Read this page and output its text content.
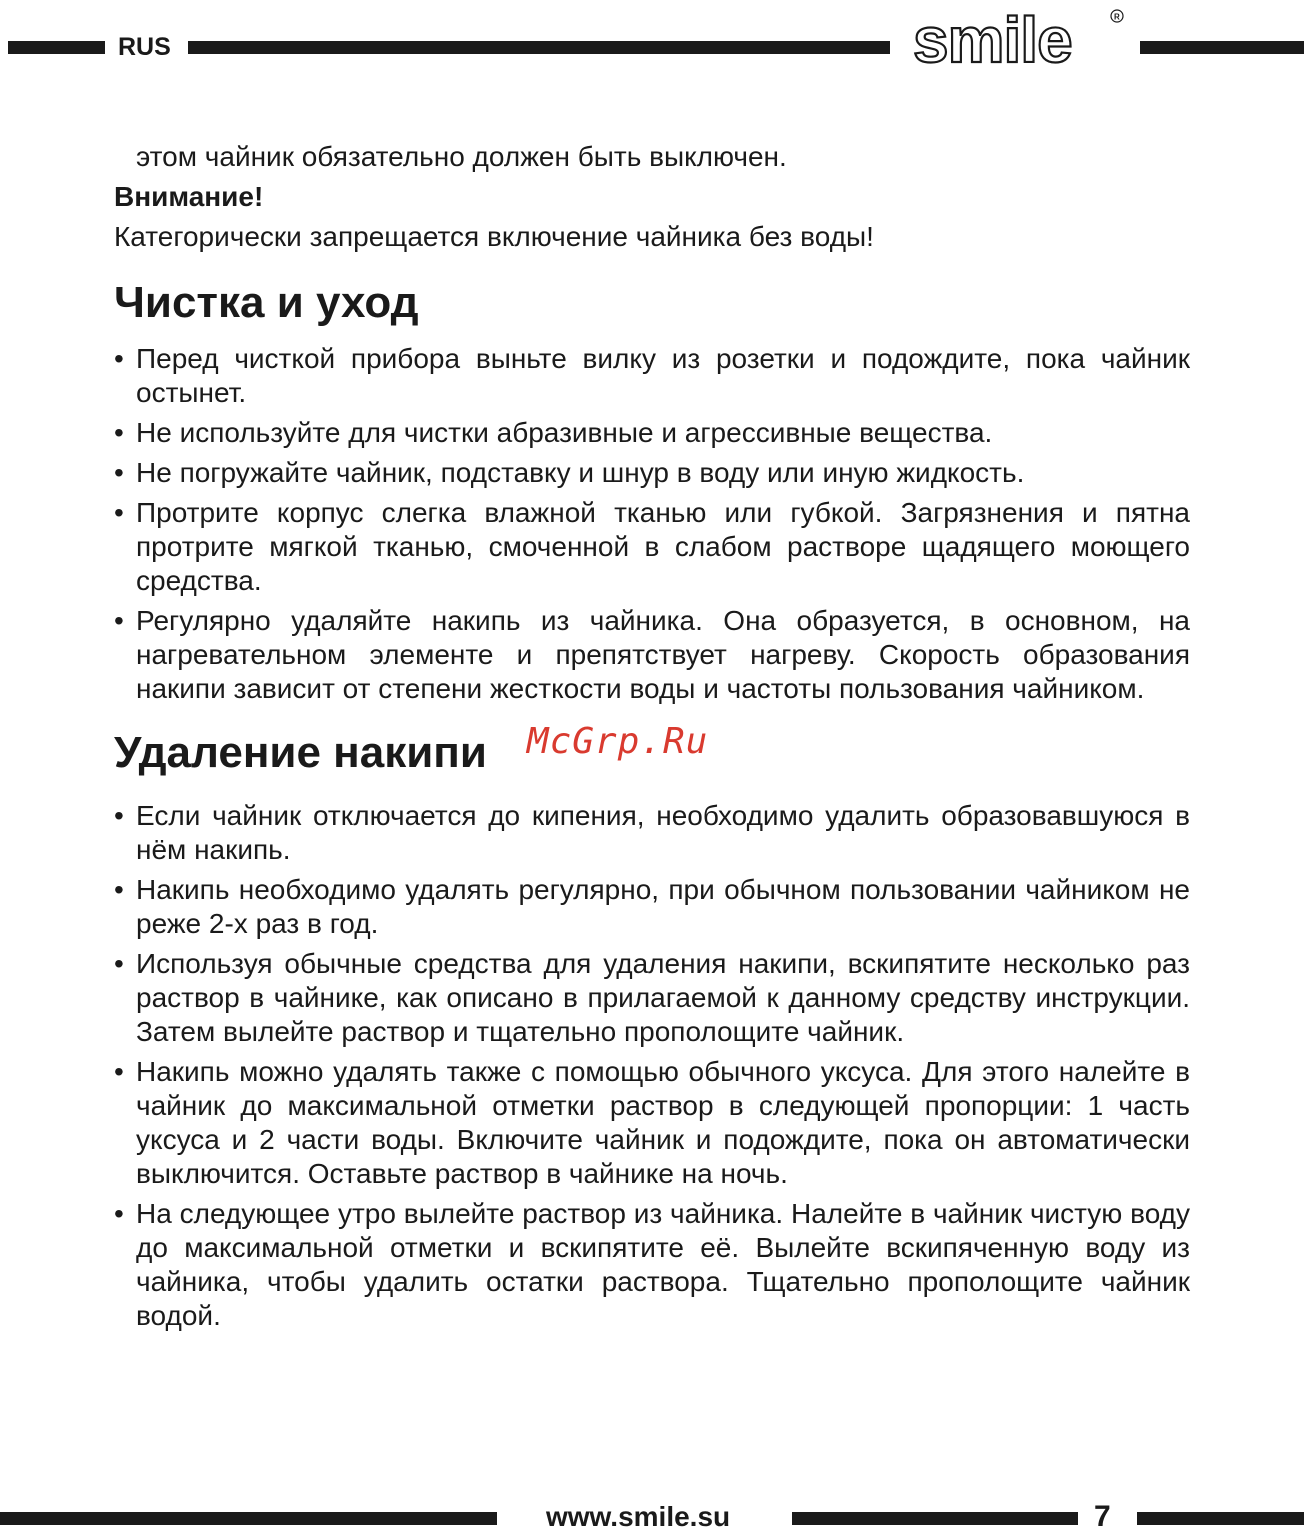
RUS	smile	R

этом чайник обязательно должен быть выключен.

Внимание!

Категорически запрещается включение чайника без воды!

Чистка и уход
• Перед чисткой прибора выньте вилку из розетки и подождите, пока чайник остынет.
• Не используйте для чистки абразивные и агрессивные вещества.
• Не погружайте чайник, подставку и шнур в воду или иную жидкость.
• Протрите корпус слегка влажной тканью или губкой. Загрязнения и пятна протрите мягкой тканью, смоченной в слабом растворе щадящего моющего средства.
• Регулярно удаляйте накипь из чайника. Она образуется, в основном, на нагревательном элементе и препятствует нагреву. Скорость образования накипи зависит от степени жесткости воды и частоты пользования чайником.
Удаление накипи McGrp.Ru
• Если чайник отключается до кипения, необходимо удалить образовавшуюся в нём накипь.
• Накипь необходимо удалять регулярно, при обычном пользовании чайником не реже 2-х раз в год.
• Используя обычные средства для удаления накипи, вскипятите несколько раз раствор в чайнике, как описано в прилагаемой к данному средству инструкции. Затем вылейте раствор и тщательно прополощите чайник.
• Накипь можно удалять также с помощью обычного уксуса. Для этого налейте в чайник до максимальной отметки раствор в следующей пропорции: 1 часть уксуса и 2 части воды. Включите чайник и подождите, пока он автоматически выключится. Оставьте раствор в чайнике на ночь.
• На следующее утро вылейте раствор из чайника. Налейте в чайник чистую воду до максимальной отметки и вскипятите её. Вылейте вскипяченную воду из чайника, чтобы удалить остатки раствора. Тщательно прополощите чайник водой.
www.smile.su	7
